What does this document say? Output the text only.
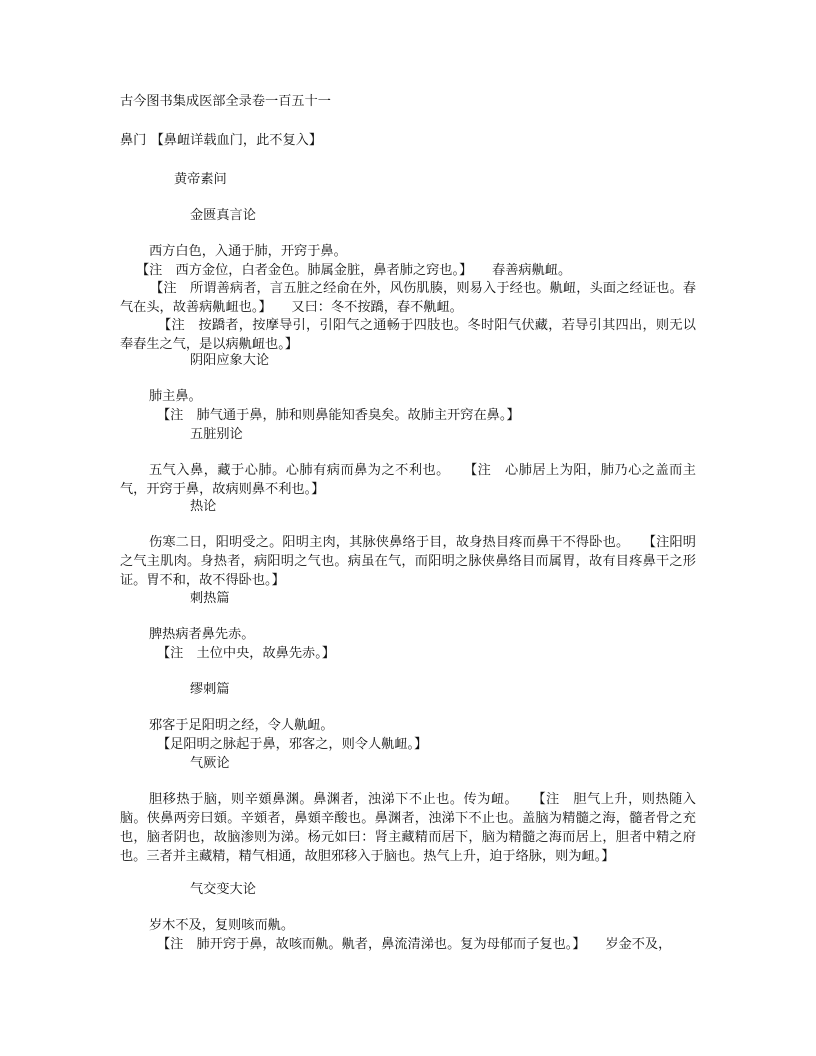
古今图书集成医部全录卷一百五十一

鼻门 【鼻衄详载血门，此不复入】

黄帝素问

金匮真言论

西方白色，入通于肺，开窍于鼻。

【注　西方金位，白者金色。肺属金脏，鼻者肺之窍也。】　　春善病鼽衄。

【注　所谓善病者，言五脏之经俞在外，风伤肌腠，则易入于经也。鼽衄，头面之经证也。春气在头，故善病鼽衄也。】　　又曰：冬不按蹻，春不鼽衄。

【注　按蹻者，按摩导引，引阳气之通畅于四肢也。冬时阳气伏藏，若导引其四出，则无以奉春生之气，是以病鼽衄也。】

阴阳应象大论

肺主鼻。

【注　肺气通于鼻，肺和则鼻能知香臭矣。故肺主开窍在鼻。】

五脏别论

五气入鼻，藏于心肺。心肺有病而鼻为之不利也。　　【注　心肺居上为阳，肺乃心之盖而主气，开窍于鼻，故病则鼻不利也。】

热论

伤寒二日，阳明受之。阳明主肉，其脉侠鼻络于目，故身热目疼而鼻干不得卧也。　　【注阳明之气主肌肉。身热者，病阳明之气也。病虽在气，而阳明之脉侠鼻络目而属胃，故有目疼鼻干之形证。胃不和，故不得卧也。】

刺热篇

脾热病者鼻先赤。

【注　土位中央，故鼻先赤。】

缪刺篇

邪客于足阳明之经，令人鼽衄。

【足阳明之脉起于鼻，邪客之，则令人鼽衄。】

气厥论

胆移热于脑，则辛頞鼻渊。鼻渊者，浊涕下不止也。传为衄。　　【注　胆气上升，则热随入脑。侠鼻两旁曰頞。辛頞者，鼻頞辛酸也。鼻渊者，浊涕下不止也。盖脑为精髓之海，髓者骨之充也，脑者阴也，故脑渗则为涕。杨元如曰：肾主藏精而居下，脑为精髓之海而居上，胆者中精之府也。三者并主藏精，精气相通，故胆邪移入于脑也。热气上升，迫于络脉，则为衄。】

气交变大论

岁木不及，复则咳而鼽。

【注　肺开窍于鼻，故咳而鼽。鼽者，鼻流清涕也。复为母郁而子复也。】　　岁金不及，
